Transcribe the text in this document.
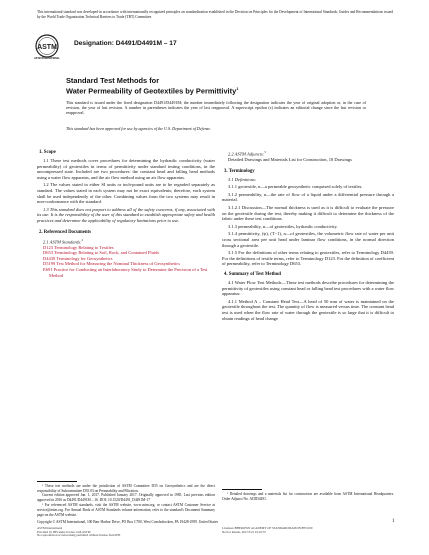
This international standard was developed in accordance with internationally recognized principles on standardization established in the Decision on Principles for the Development of International Standards, Guides and Recommendations issued by the World Trade Organization Technical Barriers to Trade (TBT) Committee.
ASTM
ASTM INTERNATIONAL
Designation: D4491/D4491M – 17
Standard Test Methods for
Water Permeability of Geotextiles by Permittivity$^1$
This standard is issued under the fixed designation D4491/D4491M; the number immediately following the designation indicates the year of original adoption or, in the case of revision, the year of last revision. A number in parentheses indicates the year of last reapproval. A superscript epsilon (ε) indicates an editorial change since the last revision or reapproval.
This standard has been approved for use by agencies of the U.S. Department of Defense.
1. Scope
1.1 These test methods cover procedures for determining the hydraulic conductivity (water permeability) of geotextiles in terms of permittivity under standard testing conditions, in the uncompressed state. Included are two procedures: the constant head and falling head methods using a water flow apparatus, and the air flow method using an air flow apparatus.
1.2 The values stated in either SI units or inch-pound units are to be regarded separately as standard. The values stated in each system may not be exact equivalents; therefore, each system shall be used independently of the other. Combining values from the two systems may result in non-conformance with the standard.
1.3 This standard does not purport to address all of the safety concerns, if any, associated with its use. It is the responsibility of the user of this standard to establish appropriate safety and health practices and determine the applicability of regulatory limitations prior to use.
2. Referenced Documents
2.1 ASTM Standards:$^2$
D123 Terminology Relating to Textiles
D653 Terminology Relating to Soil, Rock, and Contained Fluids
D4439 Terminology for Geosynthetics
D5199 Test Method for Measuring the Nominal Thickness of Geosynthetics
E691 Practice for Conducting an Interlaboratory Study to Determine the Precision of a Test Method
¹ These test methods are under the jurisdiction of ASTM Committee D35 on Geosynthetics and are the direct responsibility of Subcommittee D35.03 on Permeability and Filtration.
Current edition approved Jan. 1, 2017. Published January 2017. Originally approved in 1985. Last previous edition approved in 2016 as D4491/D4491M – 16. DOI: 10.1520/D4491_D4491M-17
² For referenced ASTM standards, visit the ASTM website, www.astm.org, or contact ASTM Customer Service at service@astm.org. For Annual Book of ASTM Standards volume information, refer to the standard's Document Summary page on the ASTM website.
2.2 ASTM Adjuncts:$^3$
Detailed Drawings and Materials List for Construction, 10 Drawings
3. Terminology
3.1 Definitions:
3.1.1 geotextile, n—a permeable geosynthetic comprised solely of textiles.
3.1.2 permeability, n—the rate of flow of a liquid under a differential pressure through a material.
3.1.2.1 Discussion—The normal thickness is used as it is difficult to evaluate the pressure on the geotextile during the test, thereby making it difficult to determine the thickness of the fabric under these test conditions.
3.1.3 permeability, n—of geotextiles, hydraulic conductivity.
3.1.4 permittivity, (ψ), (T−1), n—of geotextiles, the volumetric flow rate of water per unit cross sectional area per unit head under laminar flow conditions, in the normal direction through a geotextile.
3.1.5 For the definitions of other terms relating to geotextiles, refer to Terminology D4439. For the definitions of textile terms, refer to Terminology D123. For the definition of coefficient of permeability, refer to Terminology D653.
4. Summary of Test Method
4.1 Water Flow Test Methods—These test methods describe procedures for determining the permittivity of geotextiles using constant head or falling head test procedures with a water flow apparatus:
4.1.1 Method A – Constant Head Test—A head of 50 mm of water is maintained on the geotextile throughout the test. The quantity of flow is measured versus time. The constant head test is used when the flow rate of water through the geotextile is so large that it is difficult to obtain readings of head change
³ Detailed drawings and a materials list for construction are available from ASTM International Headquarters. Order Adjunct No. ADJD4491.
Copyright © ASTM International, 100 Barr Harbor Drive, PO Box C700, West Conshohocken, PA 19428-2959. United States	1
ASTM International
Provided by IHS under license with ASTM
No reproduction or networking permitted without license from IHS
Licensee=BHEROWN ACADEMY OF STANDARDIZATION 8872100
Not for Resale, 2017/3/21 01:16:57
